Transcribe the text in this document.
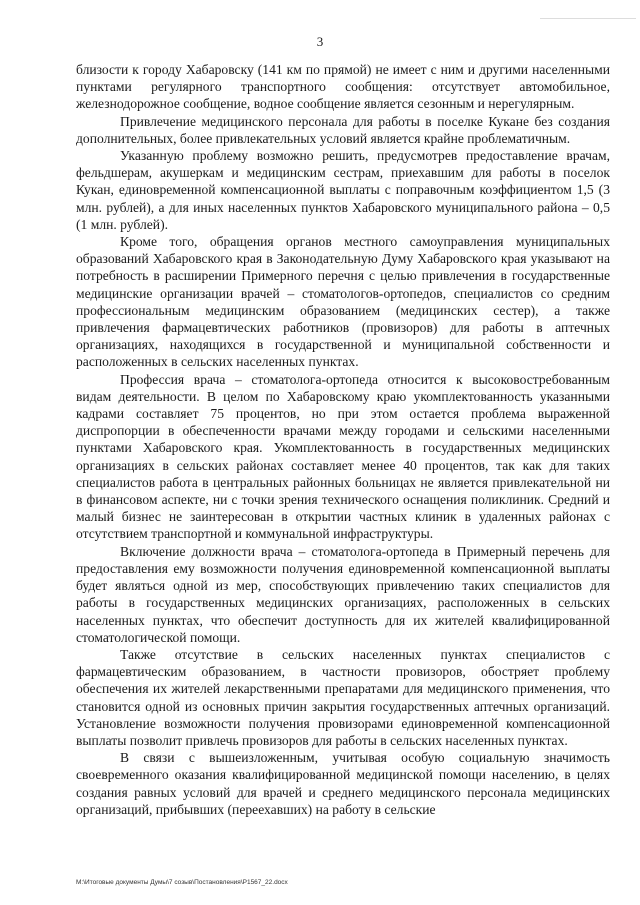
3

близости к городу Хабаровску (141 км по прямой) не имеет с ним и другими населенными пунктами регулярного транспортного сообщения: отсутствует автомобильное, железнодорожное сообщение, водное сообщение является сезонным и нерегулярным.

Привлечение медицинского персонала для работы в поселке Кукане без создания дополнительных, более привлекательных условий является крайне проблематичным.

Указанную проблему возможно решить, предусмотрев предоставление врачам, фельдшерам, акушеркам и медицинским сестрам, приехавшим для работы в поселок Кукан, единовременной компенсационной выплаты с поправочным коэффициентом 1,5 (3 млн. рублей), а для иных населенных пунктов Хабаровского муниципального района – 0,5 (1 млн. рублей).

Кроме того, обращения органов местного самоуправления муниципальных образований Хабаровского края в Законодательную Думу Хабаровского края указывают на потребность в расширении Примерного перечня с целью привлечения в государственные медицинские организации врачей – стоматологов-ортопедов, специалистов со средним профессиональным медицинским образованием (медицинских сестер), а также привлечения фармацевтических работников (провизоров) для работы в аптечных организациях, находящихся в государственной и муниципальной собственности и расположенных в сельских населенных пунктах.

Профессия врача – стоматолога-ортопеда относится к высоковостребованным видам деятельности. В целом по Хабаровскому краю укомплектованность указанными кадрами составляет 75 процентов, но при этом остается проблема выраженной диспропорции в обеспеченности врачами между городами и сельскими населенными пунктами Хабаровского края. Укомплектованность в государственных медицинских организациях в сельских районах составляет менее 40 процентов, так как для таких специалистов работа в центральных районных больницах не является привлекательной ни в финансовом аспекте, ни с точки зрения технического оснащения поликлиник. Средний и малый бизнес не заинтересован в открытии частных клиник в удаленных районах с отсутствием транспортной и коммунальной инфраструктуры.

Включение должности врача – стоматолога-ортопеда в Примерный перечень для предоставления ему возможности получения единовременной компенсационной выплаты будет являться одной из мер, способствующих привлечению таких специалистов для работы в государственных медицинских организациях, расположенных в сельских населенных пунктах, что обеспечит доступность для их жителей квалифицированной стоматологической помощи.

Также отсутствие в сельских населенных пунктах специалистов с фармацевтическим образованием, в частности провизоров, обостряет проблему обеспечения их жителей лекарственными препаратами для медицинского применения, что становится одной из основных причин закрытия государственных аптечных организаций. Установление возможности получения провизорами единовременной компенсационной выплаты позволит привлечь провизоров для работы в сельских населенных пунктах.

В связи с вышеизложенным, учитывая особую социальную значимость своевременного оказания квалифицированной медицинской помощи населению, в целях создания равных условий для врачей и среднего медицинского персонала медицинских организаций, прибывших (переехавших) на работу в сельские

M:\Итоговые документы Думы\7 созыв\Постановления\P1567_22.docx
